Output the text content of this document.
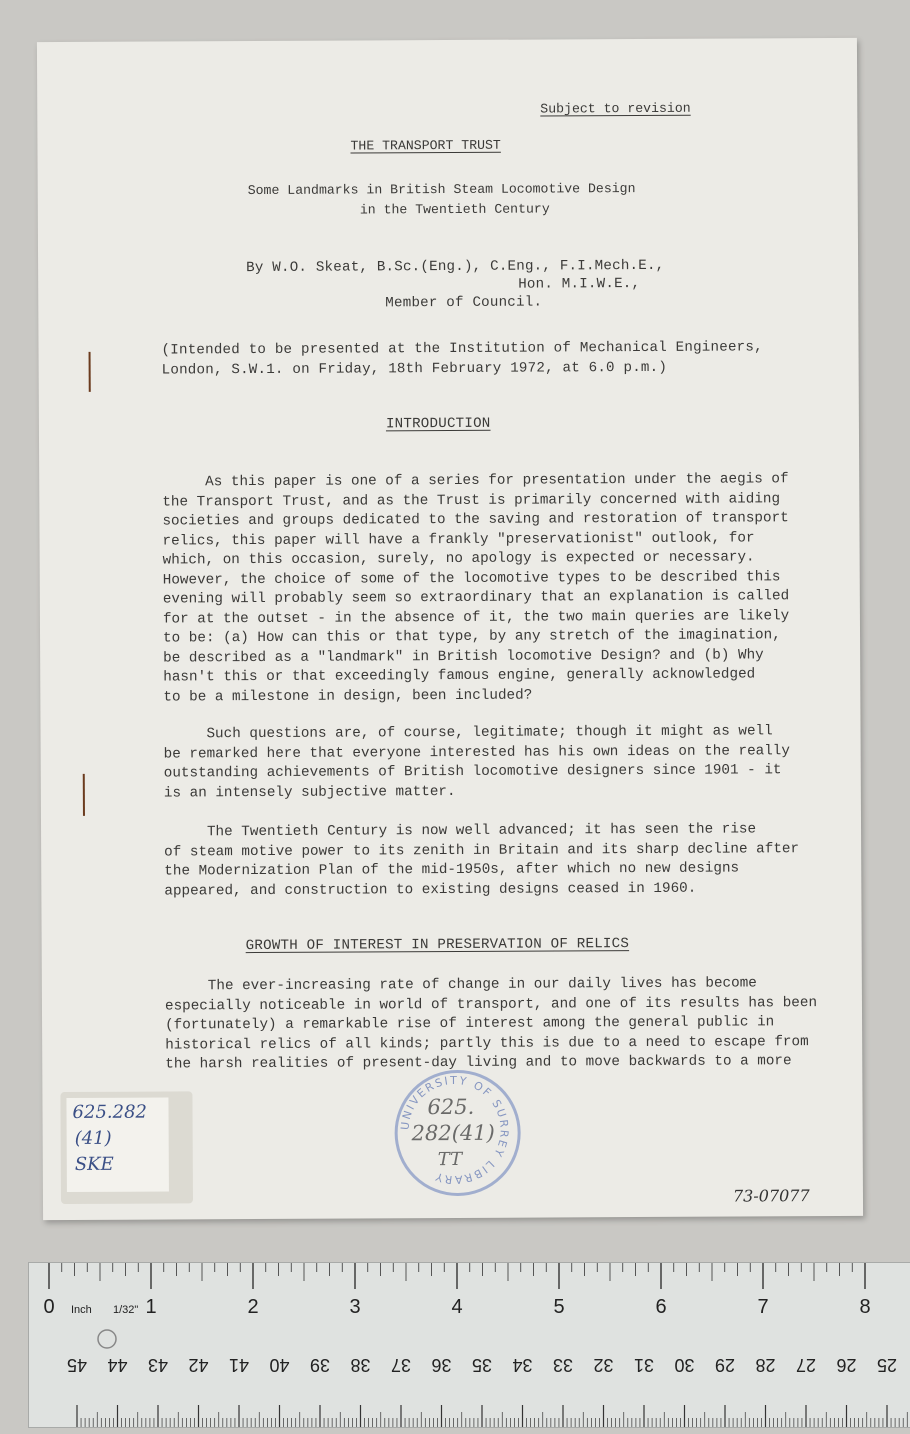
Subject to revision
THE TRANSPORT TRUST
Some Landmarks in British Steam Locomotive Design
in the Twentieth Century
By W.O. Skeat, B.Sc.(Eng.), C.Eng., F.I.Mech.E.,
Hon. M.I.W.E.,
Member of Council.
(Intended to be presented at the Institution of Mechanical Engineers,
London, S.W.1. on Friday, 18th February 1972, at 6.0 p.m.)
INTRODUCTION
As this paper is one of a series for presentation under the aegis of
the Transport Trust, and as the Trust is primarily concerned with aiding
societies and groups dedicated to the saving and restoration of transport
relics, this paper will have a frankly "preservationist" outlook, for
which, on this occasion, surely, no apology is expected or necessary.
However, the choice of some of the locomotive types to be described this
evening will probably seem so extraordinary that an explanation is called
for at the outset - in the absence of it, the two main queries are likely
to be: (a) How can this or that type, by any stretch of the imagination,
be described as a "landmark" in British locomotive Design? and (b) Why
hasn't this or that exceedingly famous engine, generally acknowledged
to be a milestone in design, been included?
Such questions are, of course, legitimate; though it might as well
be remarked here that everyone interested has his own ideas on the really
outstanding achievements of British locomotive designers since 1901 - it
is an intensely subjective matter.
The Twentieth Century is now well advanced; it has seen the rise
of steam motive power to its zenith in Britain and its sharp decline after
the Modernization Plan of the mid-1950s, after which no new designs
appeared, and construction to existing designs ceased in 1960.
GROWTH OF INTEREST IN PRESERVATION OF RELICS
The ever-increasing rate of change in our daily lives has become
especially noticeable in world of transport, and one of its results has been
(fortunately) a remarkable rise of interest among the general public in
historical relics of all kinds; partly this is due to a need to escape from
the harsh realities of present-day living and to move backwards to a more
625.282
(41)
SKE
UNIVERSITY OF SURREY LIBRARY
625.
282(41)
TT
73-07077
0	1	2	3	4	5	6	7	8
Inch 1/32"
45 44 43 42 41 40 39 38 37 36 35 34 33 32 31 30 29 28 27 26 25
